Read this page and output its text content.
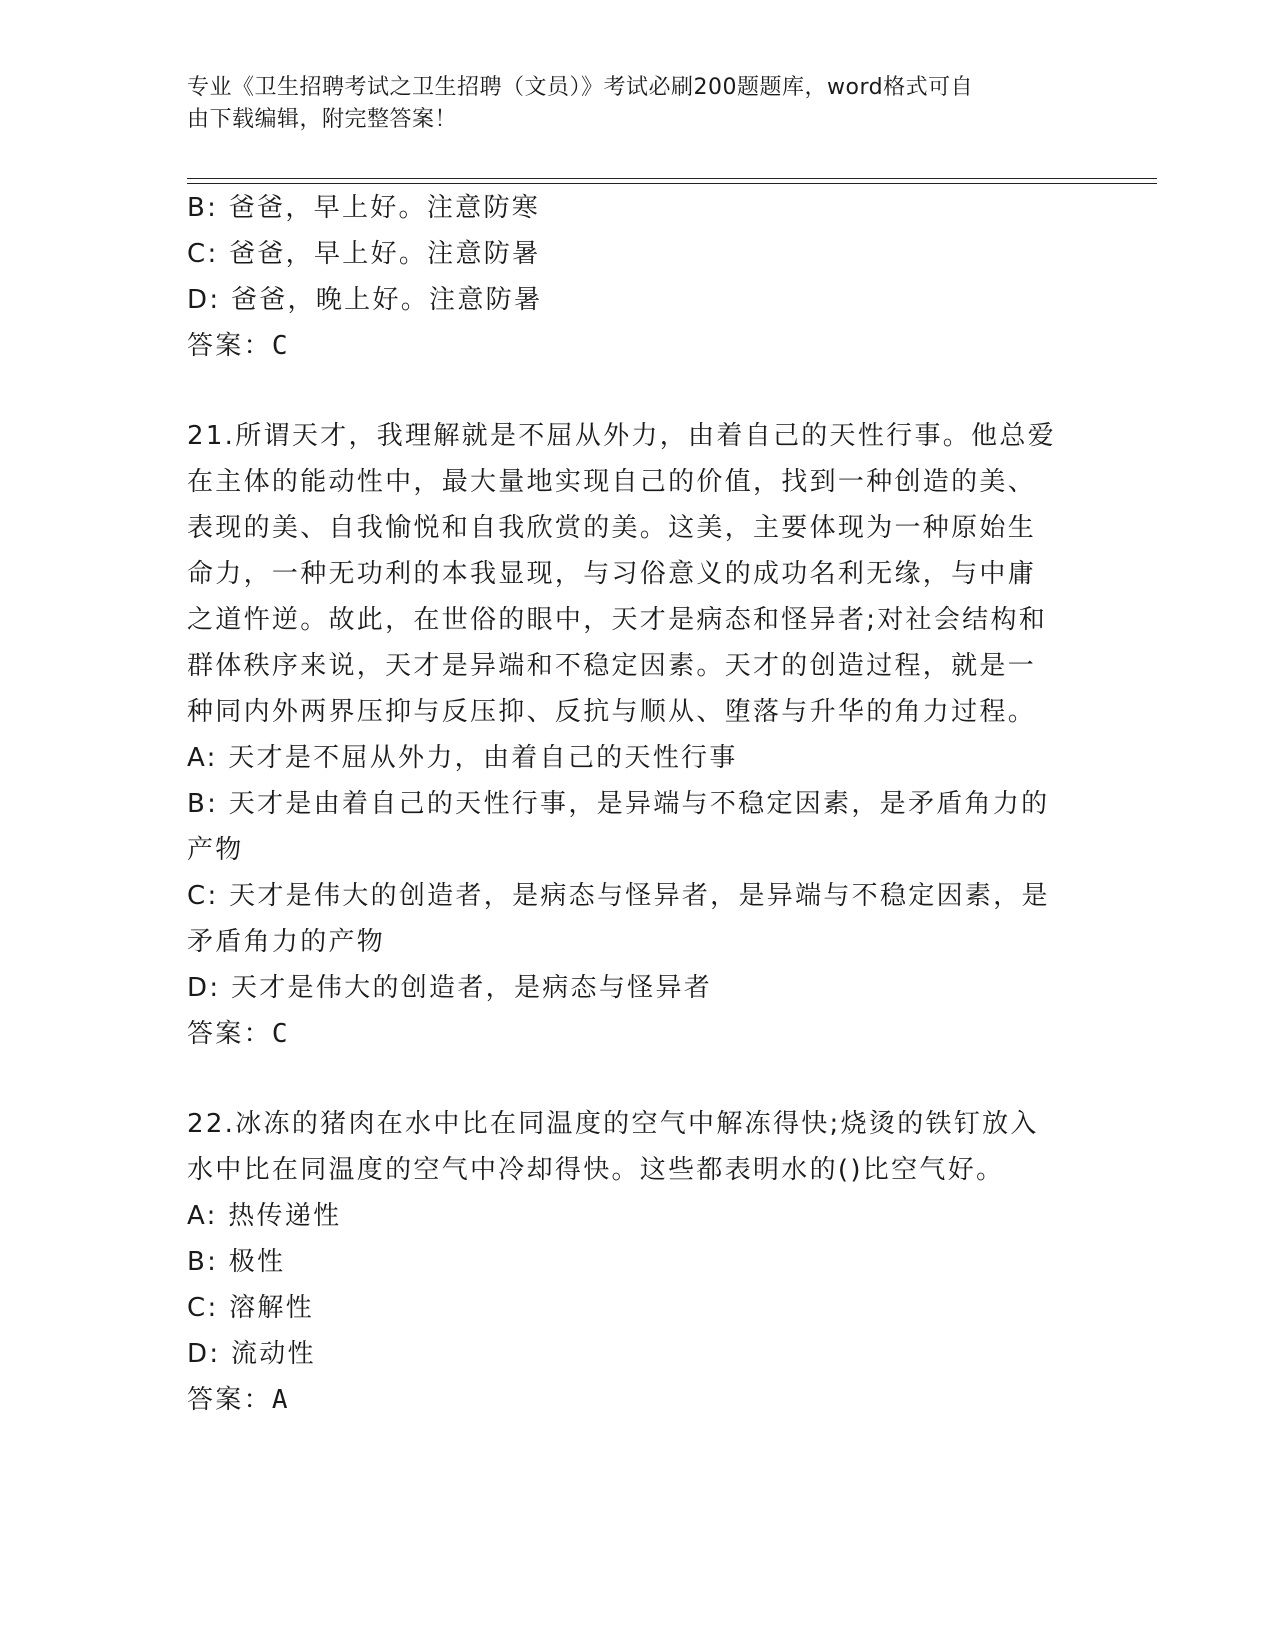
专业《卫生招聘考试之卫生招聘（文员）》考试必刷200题题库，word格式可自
由下载编辑，附完整答案！
B: 爸爸，早上好。注意防寒
C: 爸爸，早上好。注意防暑
D: 爸爸，晚上好。注意防暑
答案：C
21.所谓天才，我理解就是不屈从外力，由着自己的天性行事。他总爱
在主体的能动性中，最大量地实现自己的价值，找到一种创造的美、
表现的美、自我愉悦和自我欣赏的美。这美，主要体现为一种原始生
命力，一种无功利的本我显现，与习俗意义的成功名利无缘，与中庸
之道忤逆。故此，在世俗的眼中，天才是病态和怪异者;对社会结构和
群体秩序来说，天才是异端和不稳定因素。天才的创造过程，就是一
种同内外两界压抑与反压抑、反抗与顺从、堕落与升华的角力过程。
A: 天才是不屈从外力，由着自己的天性行事
B: 天才是由着自己的天性行事，是异端与不稳定因素，是矛盾角力的
产物
C: 天才是伟大的创造者，是病态与怪异者，是异端与不稳定因素，是
矛盾角力的产物
D: 天才是伟大的创造者，是病态与怪异者
答案：C
22.冰冻的猪肉在水中比在同温度的空气中解冻得快;烧烫的铁钉放入
水中比在同温度的空气中冷却得快。这些都表明水的()比空气好。
A: 热传递性
B: 极性
C: 溶解性
D: 流动性
答案：A
